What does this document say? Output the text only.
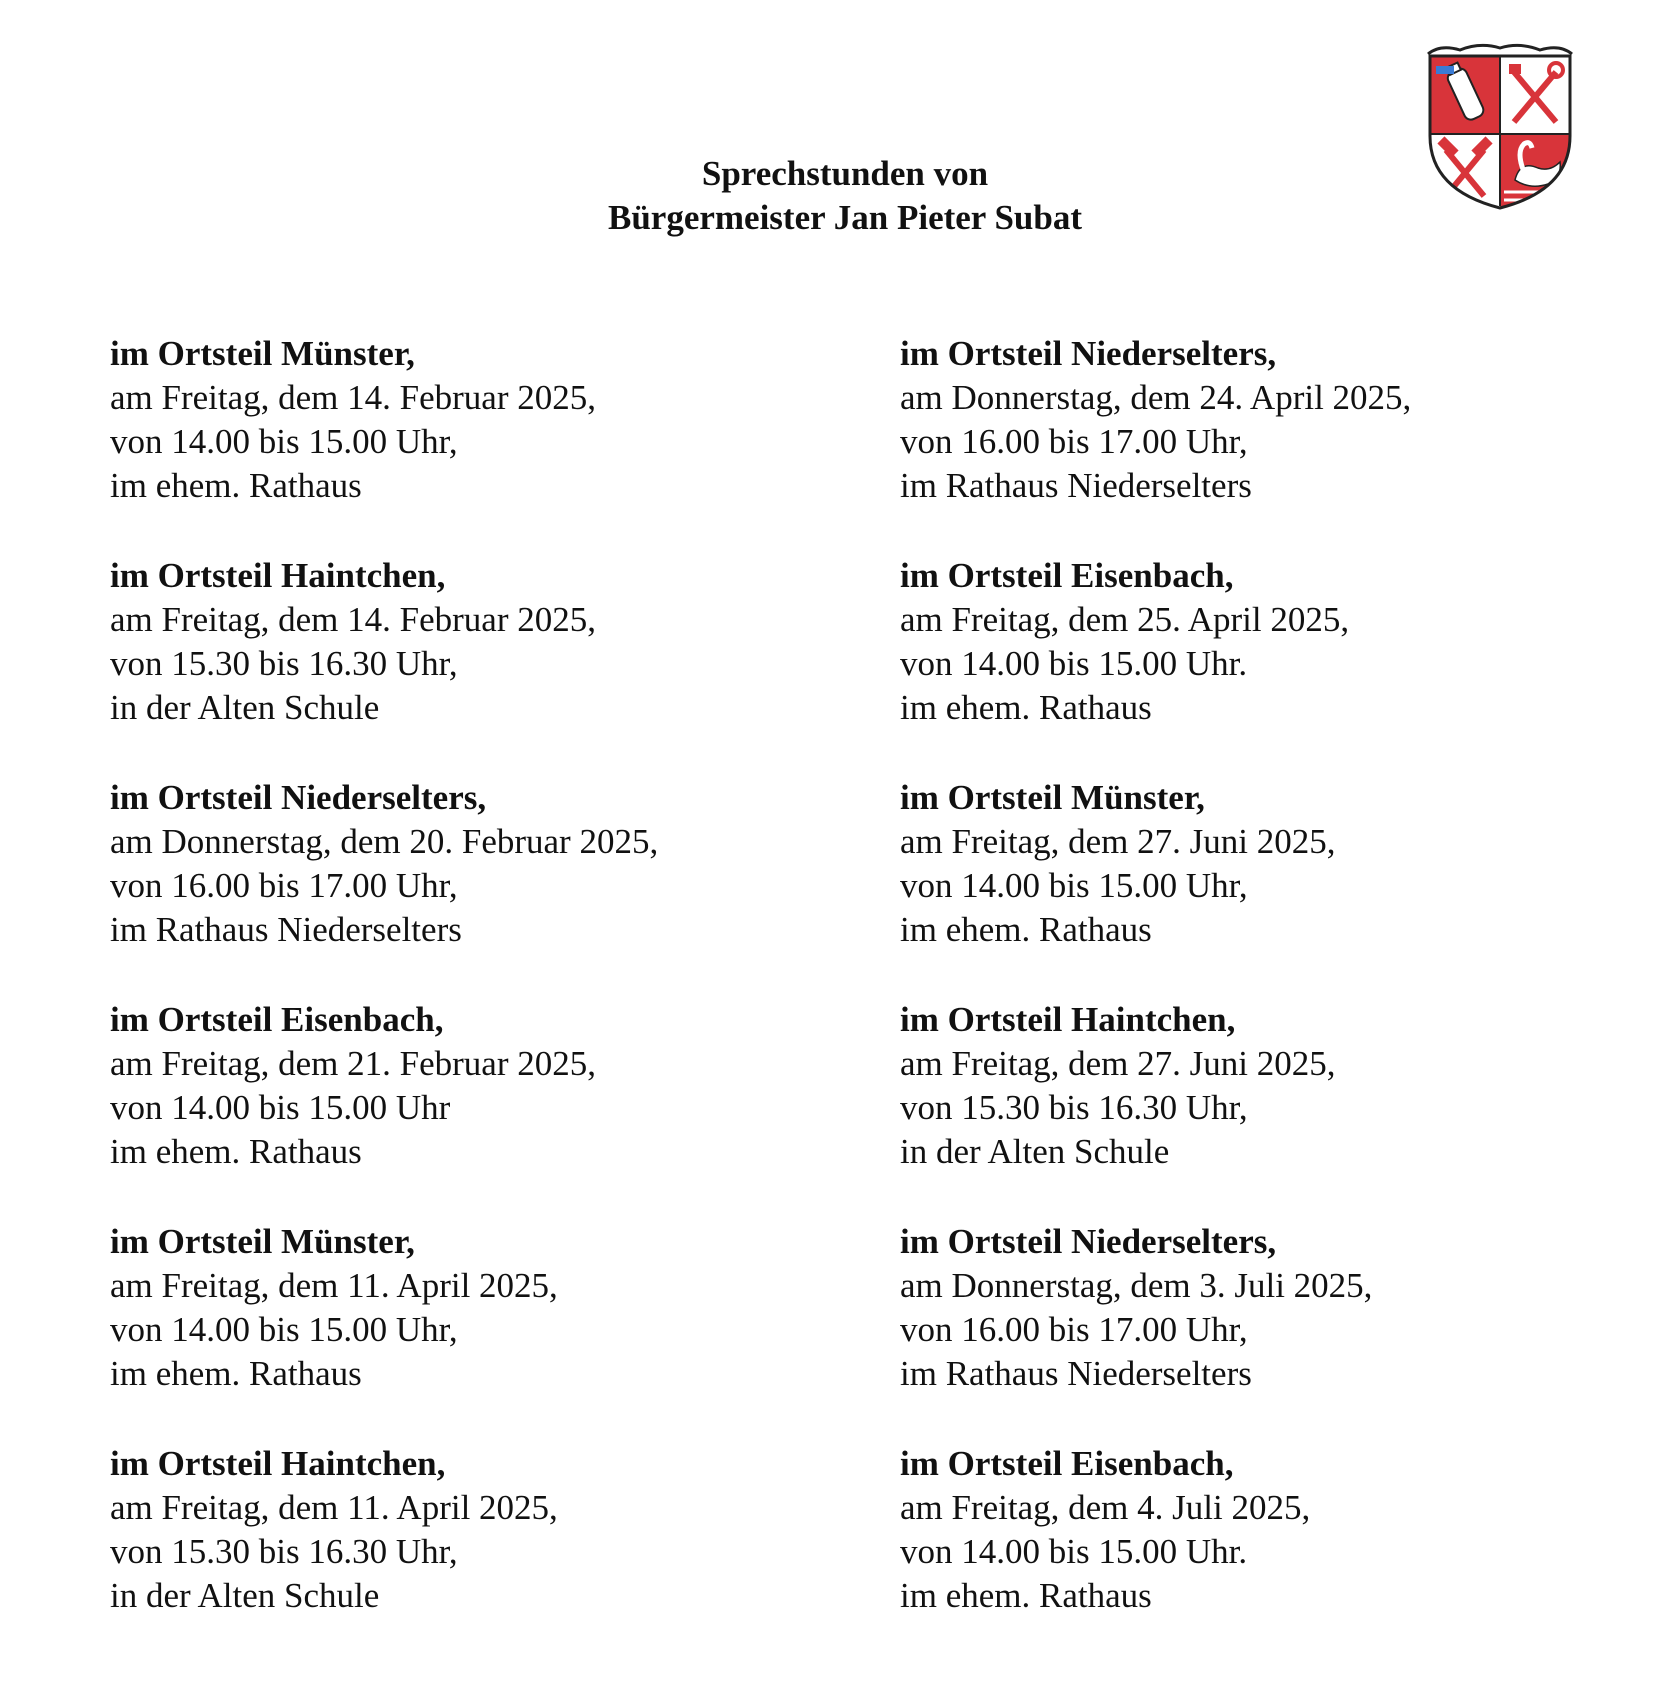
Sprechstunden von
Bürgermeister Jan Pieter Subat
im Ortsteil Münster,
am Freitag, dem 14. Februar 2025,
von 14.00 bis 15.00 Uhr,
im ehem. Rathaus
im Ortsteil Haintchen,
am Freitag, dem 14. Februar 2025,
von 15.30 bis 16.30 Uhr,
in der Alten Schule
im Ortsteil Niederselters,
am Donnerstag, dem 20. Februar 2025,
von 16.00 bis 17.00 Uhr,
im Rathaus Niederselters
im Ortsteil Eisenbach,
am Freitag, dem 21. Februar 2025,
von 14.00 bis 15.00 Uhr
im ehem. Rathaus
im Ortsteil Münster,
am Freitag, dem 11. April 2025,
von 14.00 bis 15.00 Uhr,
im ehem. Rathaus
im Ortsteil Haintchen,
am Freitag, dem 11. April 2025,
von 15.30 bis 16.30 Uhr,
in der Alten Schule
im Ortsteil Niederselters,
am Donnerstag, dem 24. April 2025,
von 16.00 bis 17.00 Uhr,
im Rathaus Niederselters
im Ortsteil Eisenbach,
am Freitag, dem 25. April 2025,
von 14.00 bis 15.00 Uhr.
im ehem. Rathaus
im Ortsteil Münster,
am Freitag, dem 27. Juni 2025,
von 14.00 bis 15.00 Uhr,
im ehem. Rathaus
im Ortsteil Haintchen,
am Freitag, dem 27. Juni 2025,
von 15.30 bis 16.30 Uhr,
in der Alten Schule
im Ortsteil Niederselters,
am Donnerstag, dem 3. Juli 2025,
von 16.00 bis 17.00 Uhr,
im Rathaus Niederselters
im Ortsteil Eisenbach,
am Freitag, dem 4. Juli 2025,
von 14.00 bis 15.00 Uhr.
im ehem. Rathaus
